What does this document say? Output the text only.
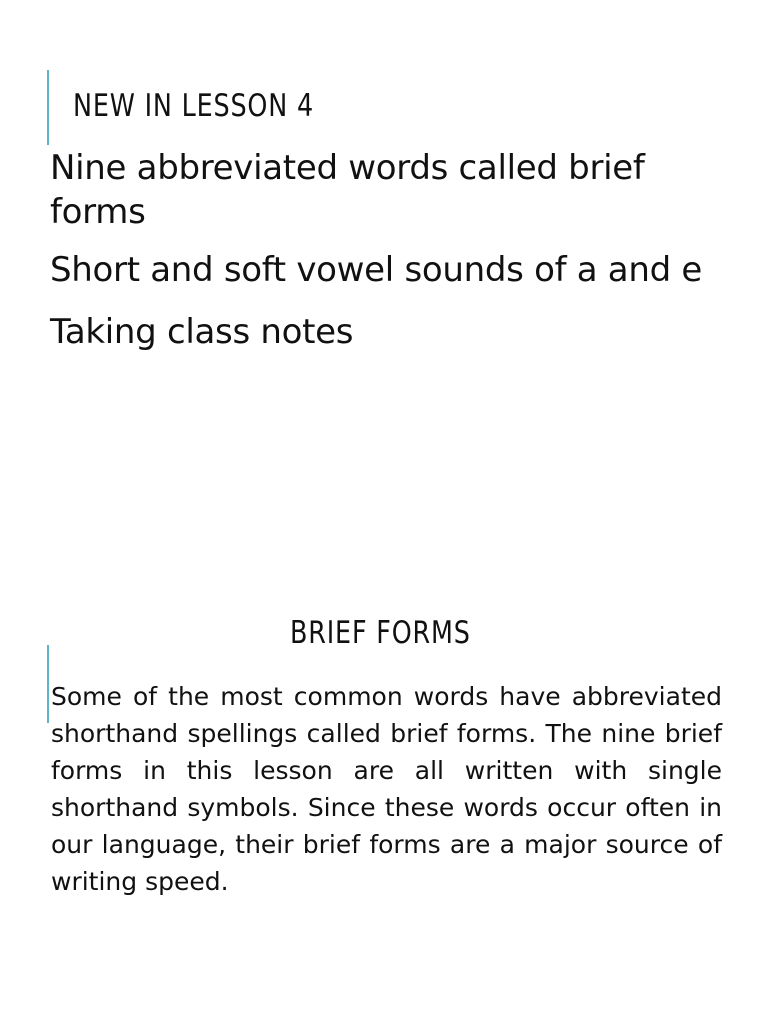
NEW IN LESSON 4
Nine abbreviated words called brief forms
Short and soft vowel sounds of a and e
Taking class notes
BRIEF FORMS

Some of the most common words have abbreviated shorthand spellings called brief forms. The nine brief forms in this lesson are all written with single shorthand symbols. Since these words occur often in our language, their brief forms are a major source of writing speed.
